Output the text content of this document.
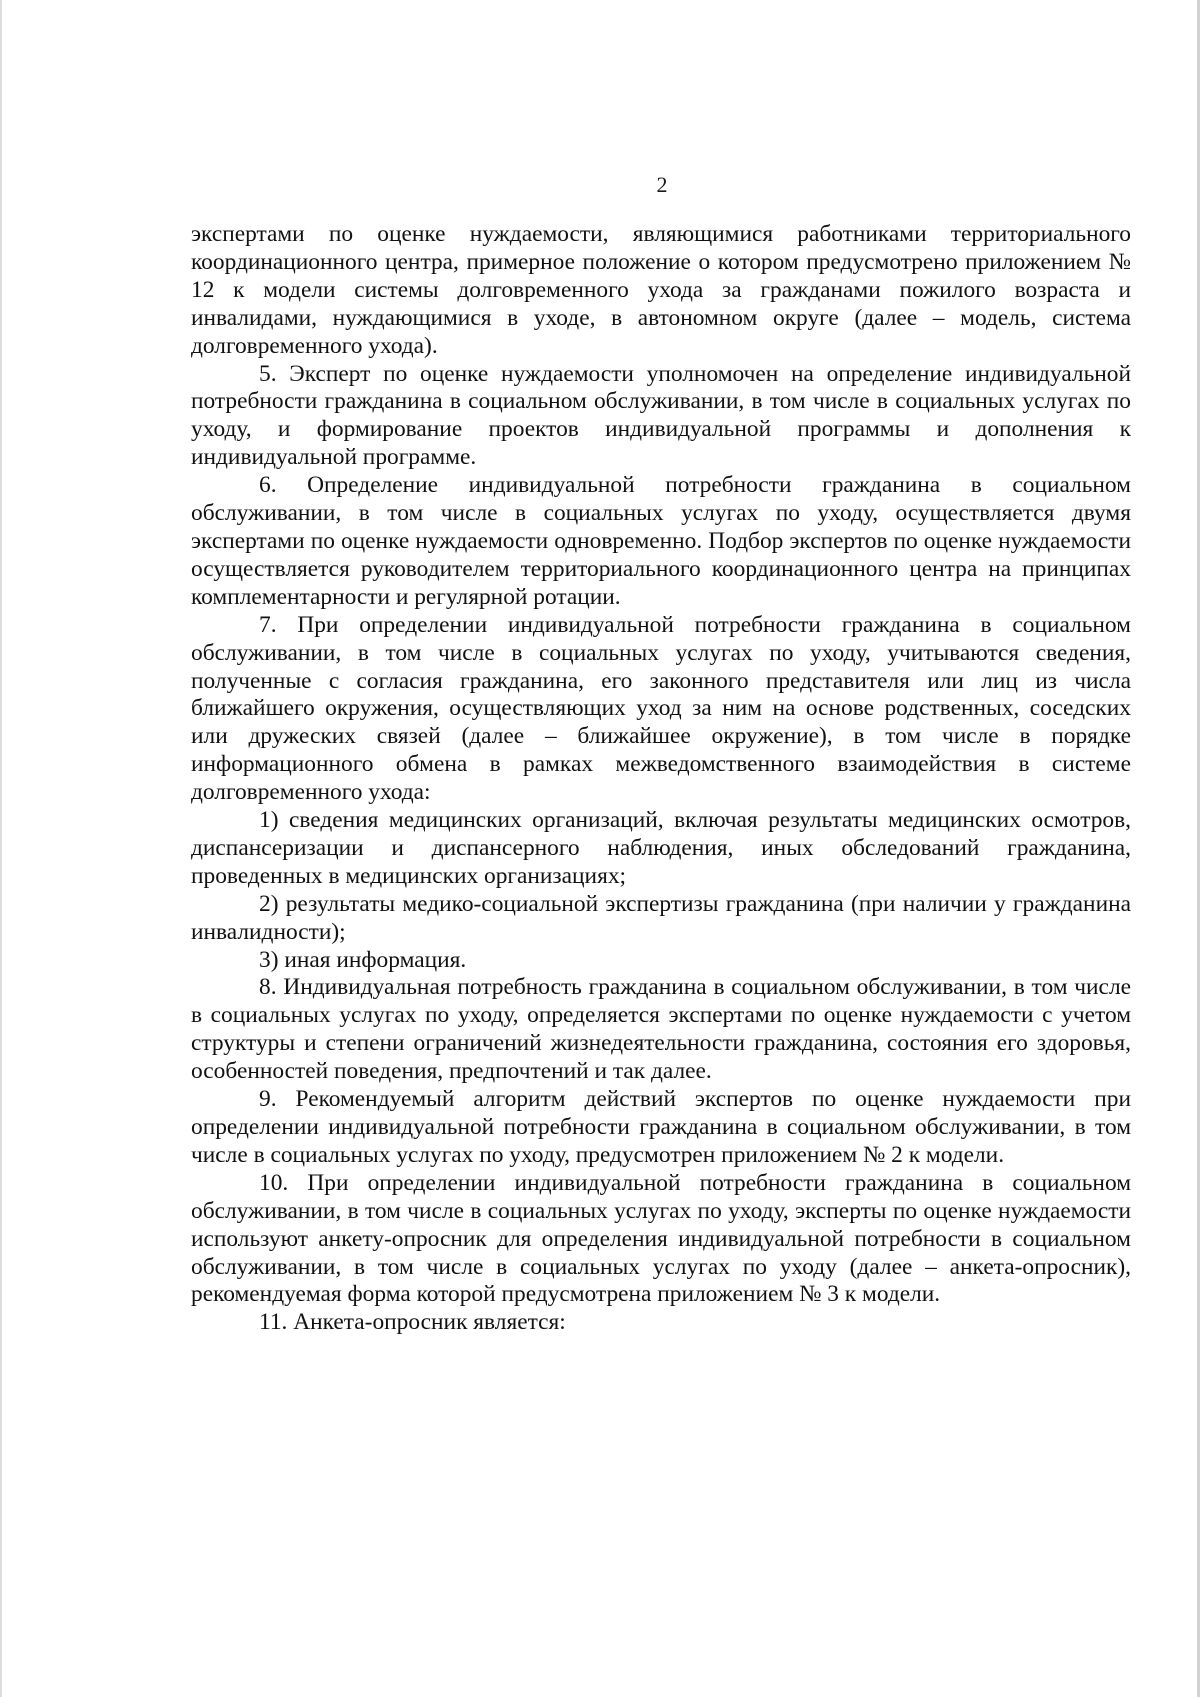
2

экспертами по оценке нуждаемости, являющимися работниками территориального координационного центра, примерное положение о котором предусмотрено приложением № 12 к модели системы долговременного ухода за гражданами пожилого возраста и инвалидами, нуждающимися в уходе, в автономном округе (далее – модель, система долговременного ухода).

5. Эксперт по оценке нуждаемости уполномочен на определение индивидуальной потребности гражданина в социальном обслуживании, в том числе в социальных услугах по уходу, и формирование проектов индивидуальной программы и дополнения к индивидуальной программе.

6. Определение индивидуальной потребности гражданина в социальном обслуживании, в том числе в социальных услугах по уходу, осуществляется двумя экспертами по оценке нуждаемости одновременно. Подбор экспертов по оценке нуждаемости осуществляется руководителем территориального координационного центра на принципах комплементарности и регулярной ротации.

7. При определении индивидуальной потребности гражданина в социальном обслуживании, в том числе в социальных услугах по уходу, учитываются сведения, полученные с согласия гражданина, его законного представителя или лиц из числа ближайшего окружения, осуществляющих уход за ним на основе родственных, соседских или дружеских связей (далее – ближайшее окружение), в том числе в порядке информационного обмена в рамках межведомственного взаимодействия в системе долговременного ухода:

1) сведения медицинских организаций, включая результаты медицинских осмотров, диспансеризации и диспансерного наблюдения, иных обследований гражданина, проведенных в медицинских организациях;

2) результаты медико-социальной экспертизы гражданина (при наличии у гражданина инвалидности);

3) иная информация.

8. Индивидуальная потребность гражданина в социальном обслуживании, в том числе в социальных услугах по уходу, определяется экспертами по оценке нуждаемости с учетом структуры и степени ограничений жизнедеятельности гражданина, состояния его здоровья, особенностей поведения, предпочтений и так далее.

9. Рекомендуемый алгоритм действий экспертов по оценке нуждаемости при определении индивидуальной потребности гражданина в социальном обслуживании, в том числе в социальных услугах по уходу, предусмотрен приложением № 2 к модели.

10. При определении индивидуальной потребности гражданина в социальном обслуживании, в том числе в социальных услугах по уходу, эксперты по оценке нуждаемости используют анкету-опросник для определения индивидуальной потребности в социальном обслуживании, в том числе в социальных услугах по уходу (далее – анкета-опросник), рекомендуемая форма которой предусмотрена приложением № 3 к модели.

11. Анкета-опросник является:
